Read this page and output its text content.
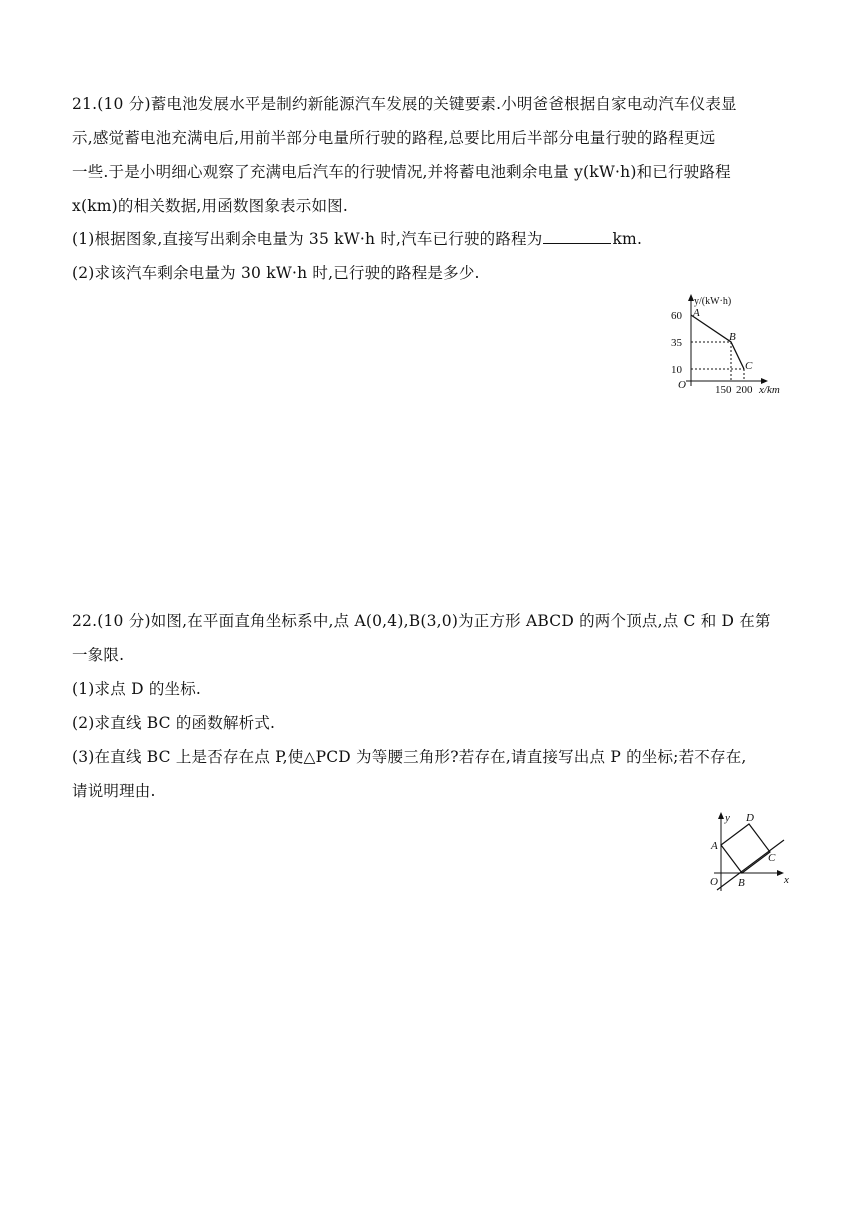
21.(10 分)蓄电池发展水平是制约新能源汽车发展的关键要素.小明爸爸根据自家电动汽车仪表显
示,感觉蓄电池充满电后,用前半部分电量所行驶的路程,总要比用后半部分电量行驶的路程更远
一些.于是小明细心观察了充满电后汽车的行驶情况,并将蓄电池剩余电量 y(kW·h)和已行驶路程
x(km)的相关数据,用函数图象表示如图.
(1)根据图象,直接写出剩余电量为 35 kW·h 时,汽车已行驶的路程为	km.
(2)求该汽车剩余电量为 30 kW·h 时,已行驶的路程是多少.
y/(kW·h)
A
B
C
60
35
10
O	150 200 x/km
22.(10 分)如图,在平面直角坐标系中,点 A(0,4),B(3,0)为正方形 ABCD 的两个顶点,点 C 和 D 在第
一象限.
(1)求点 D 的坐标.
(2)求直线 BC 的函数解析式.
(3)在直线 BC 上是否存在点 P,使△PCD 为等腰三角形?若存在,请直接写出点 P 的坐标;若不存在,
请说明理由.
y
A
B
C
D
O	x
